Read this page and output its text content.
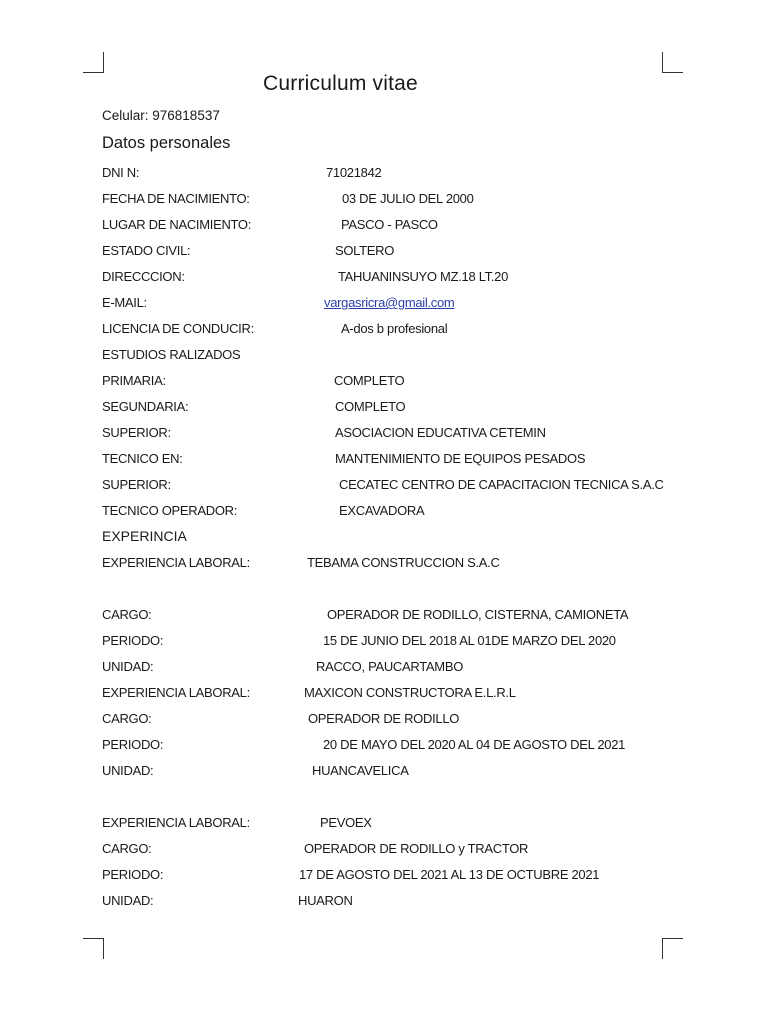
Curriculum vitae
Celular: 976818537
Datos personales
DNI N:	71021842
FECHA DE NACIMIENTO:	03 DE JULIO DEL 2000
LUGAR DE NACIMIENTO:	PASCO - PASCO
ESTADO CIVIL:	SOLTERO
DIRECCCION:	TAHUANINSUYO MZ.18 LT.20
E-MAIL:	vargasricra@gmail.com
LICENCIA DE CONDUCIR:	A-dos b profesional
ESTUDIOS RALIZADOS
PRIMARIA:	COMPLETO
SEGUNDARIA:	COMPLETO
SUPERIOR:	ASOCIACION EDUCATIVA CETEMIN
TECNICO EN:	MANTENIMIENTO DE EQUIPOS PESADOS
SUPERIOR:	CECATEC CENTRO DE CAPACITACION TECNICA S.A.C
TECNICO OPERADOR:	EXCAVADORA
EXPERINCIA
EXPERIENCIA LABORAL:	TEBAMA CONSTRUCCION S.A.C
CARGO:	OPERADOR DE RODILLO, CISTERNA, CAMIONETA
PERIODO:	15 DE JUNIO DEL 2018 AL 01DE MARZO DEL 2020
UNIDAD:	RACCO, PAUCARTAMBO
EXPERIENCIA LABORAL:	MAXICON CONSTRUCTORA E.L.R.L
CARGO:	OPERADOR DE RODILLO
PERIODO:	20 DE MAYO DEL 2020 AL 04 DE AGOSTO DEL 2021
UNIDAD:	HUANCAVELICA
EXPERIENCIA LABORAL:	PEVOEX
CARGO:	OPERADOR DE RODILLO y TRACTOR
PERIODO:	17 DE AGOSTO DEL 2021 AL 13 DE OCTUBRE 2021
UNIDAD:	HUARON
